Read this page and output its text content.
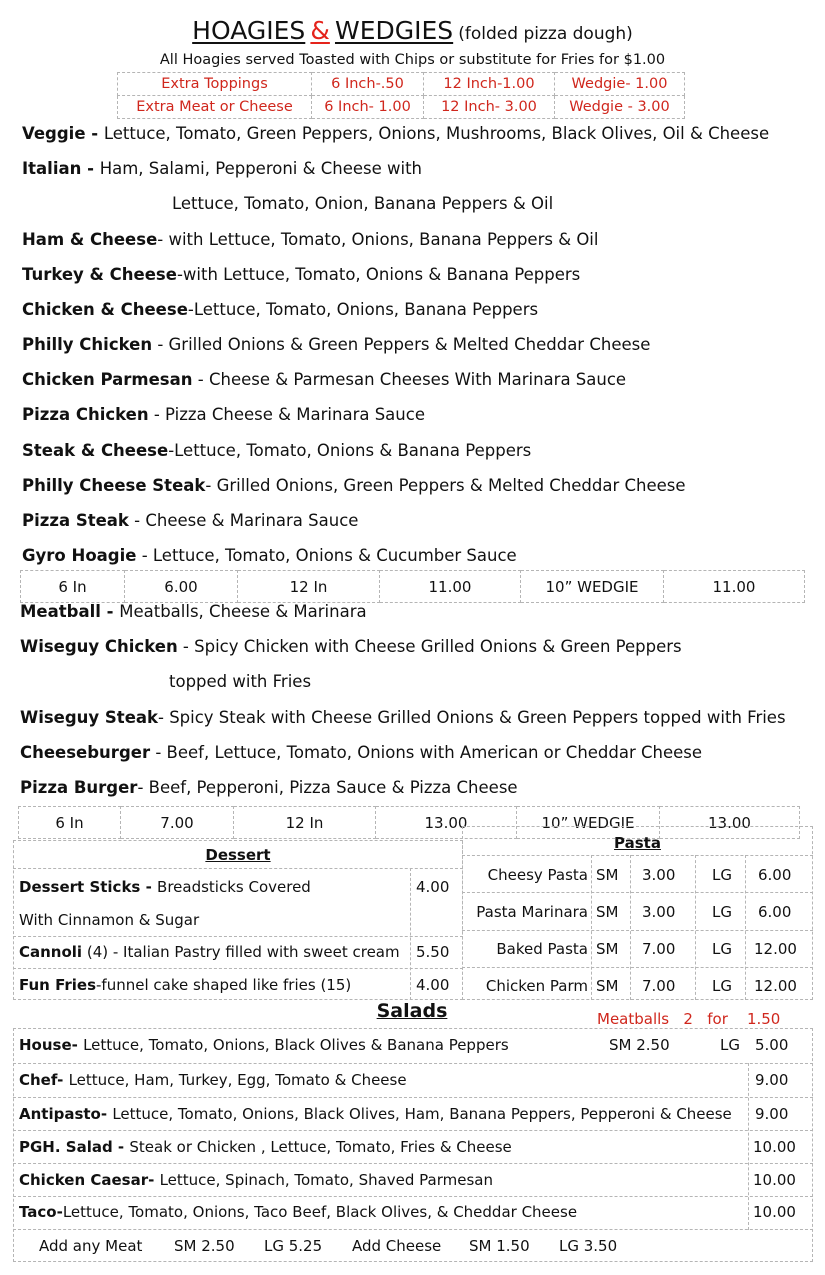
HOAGIES & WEDGIES (folded pizza dough)
All Hoagies served Toasted with Chips or substitute for Fries for $1.00
Extra Toppings	6 Inch-.50	12 Inch-1.00	Wedgie- 1.00
Extra Meat or Cheese	6 Inch- 1.00	12 Inch- 3.00	Wedgie - 3.00
Veggie - Lettuce, Tomato, Green Peppers, Onions, Mushrooms, Black Olives, Oil & Cheese
Italian - Ham, Salami, Pepperoni & Cheese with
Lettuce, Tomato, Onion, Banana Peppers & Oil
Ham & Cheese- with Lettuce, Tomato, Onions, Banana Peppers & Oil
Turkey & Cheese-with Lettuce, Tomato, Onions & Banana Peppers
Chicken & Cheese-Lettuce, Tomato, Onions, Banana Peppers
Philly Chicken - Grilled Onions & Green Peppers & Melted Cheddar Cheese
Chicken Parmesan - Cheese & Parmesan Cheeses With Marinara Sauce
Pizza Chicken - Pizza Cheese & Marinara Sauce
Steak & Cheese-Lettuce, Tomato, Onions & Banana Peppers
Philly Cheese Steak- Grilled Onions, Green Peppers & Melted Cheddar Cheese
Pizza Steak - Cheese & Marinara Sauce
Gyro Hoagie - Lettuce, Tomato, Onions & Cucumber Sauce
6 In	6.00	12 In	11.00	10” WEDGIE	11.00
Meatball - Meatballs, Cheese & Marinara
Wiseguy Chicken - Spicy Chicken with Cheese Grilled Onions & Green Peppers
topped with Fries
Wiseguy Steak- Spicy Steak with Cheese Grilled Onions & Green Peppers topped with Fries
Cheeseburger - Beef, Lettuce, Tomato, Onions with American or Cheddar Cheese
Pizza Burger- Beef, Pepperoni, Pizza Sauce & Pizza Cheese
6 In	7.00	12 In	13.00	10” WEDGIE	13.00
Dessert
Dessert Sticks - Breadsticks Covered
With Cinnamon & Sugar
4.00
Cannoli (4) - Italian Pastry filled with sweet cream 5.50
Fun Fries-funnel cake shaped like fries (15)	4.00
Pasta
Cheesy Pasta SM 3.00 LG 6.00
Pasta Marinara SM 3.00 LG 6.00
Baked Pasta SM 7.00 LG 12.00
Chicken Parm SM 7.00 LG 12.00
Meatballs   2   for    1.50
Salads
House- Lettuce, Tomato, Onions, Black Olives & Banana Peppers	SM 2.50	LG 5.00
Chef- Lettuce, Ham, Turkey, Egg, Tomato & Cheese	9.00
Antipasto- Lettuce, Tomato, Onions, Black Olives, Ham, Banana Peppers, Pepperoni & Cheese 9.00
PGH. Salad - Steak or Chicken , Lettuce, Tomato, Fries & Cheese	10.00
Chicken Caesar- Lettuce, Spinach, Tomato, Shaved Parmesan	10.00
Taco-Lettuce, Tomato, Onions, Taco Beef, Black Olives, & Cheddar Cheese	10.00
Add any Meat SM 2.50 LG 5.25 Add Cheese SM 1.50 LG 3.50
